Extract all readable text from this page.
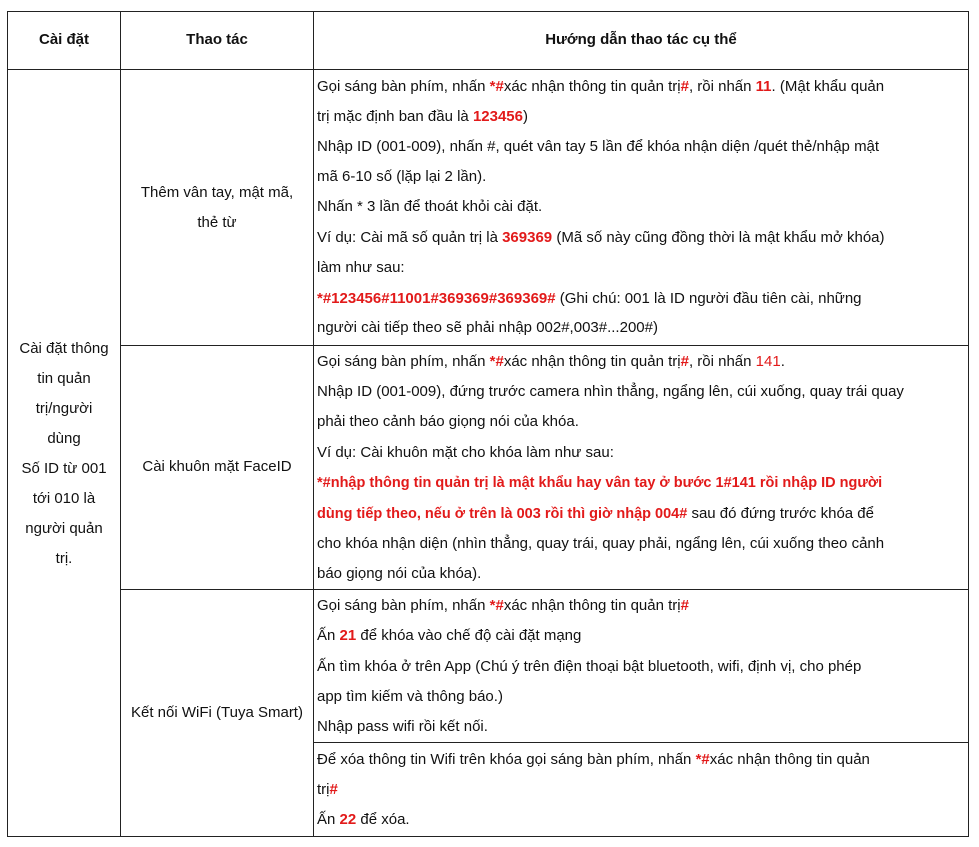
Cài đặt	Thao tác	Hướng dẫn thao tác cụ thể
Cài đặt thông
tin quản
trị/người
dùng
Số ID từ 001
tới 010 là
người quản
trị.
Thêm vân tay, mật mã,
thẻ từ
Gọi sáng bàn phím, nhấn *#xác nhận thông tin quản trị#, rồi nhấn 11. (Mật khẩu quản
trị mặc định ban đầu là 123456)
Nhập ID (001-009), nhấn #, quét vân tay 5 lần để khóa nhận diện /quét thẻ/nhập mật
mã 6-10 số (lặp lại 2 lần).
Nhấn * 3 lần để thoát khỏi cài đặt.
Ví dụ: Cài mã số quản trị là 369369 (Mã số này cũng đồng thời là mật khẩu mở khóa)
làm như sau:
*#123456#11001#369369#369369# (Ghi chú: 001 là ID người đầu tiên cài, những
người cài tiếp theo sẽ phải nhập 002#,003#...200#)
Cài khuôn mặt FaceID
Gọi sáng bàn phím, nhấn *#xác nhận thông tin quản trị#, rồi nhấn 141.
Nhập ID (001-009), đứng trước camera nhìn thẳng, ngẩng lên, cúi xuống, quay trái quay
phải theo cảnh báo giọng nói của khóa.
Ví dụ: Cài khuôn mặt cho khóa làm như sau:
*#nhập thông tin quản trị là mật khẩu hay vân tay ở bước 1#141 rồi nhập ID người
dùng tiếp theo, nếu ở trên là 003 rồi thì giờ nhập 004# sau đó đứng trước khóa để
cho khóa nhận diện (nhìn thẳng, quay trái, quay phải, ngẩng lên, cúi xuống theo cảnh
báo giọng nói của khóa).
Kết nối WiFi (Tuya Smart)
Gọi sáng bàn phím, nhấn *#xác nhận thông tin quản trị#
Ấn 21 để khóa vào chế độ cài đặt mạng
Ấn tìm khóa ở trên App (Chú ý trên điện thoại bật bluetooth, wifi, định vị, cho phép
app tìm kiếm và thông báo.)
Nhập pass wifi rồi kết nối.
Để xóa thông tin Wifi trên khóa gọi sáng bàn phím, nhấn *#xác nhận thông tin quản
trị#
Ấn 22 để xóa.
